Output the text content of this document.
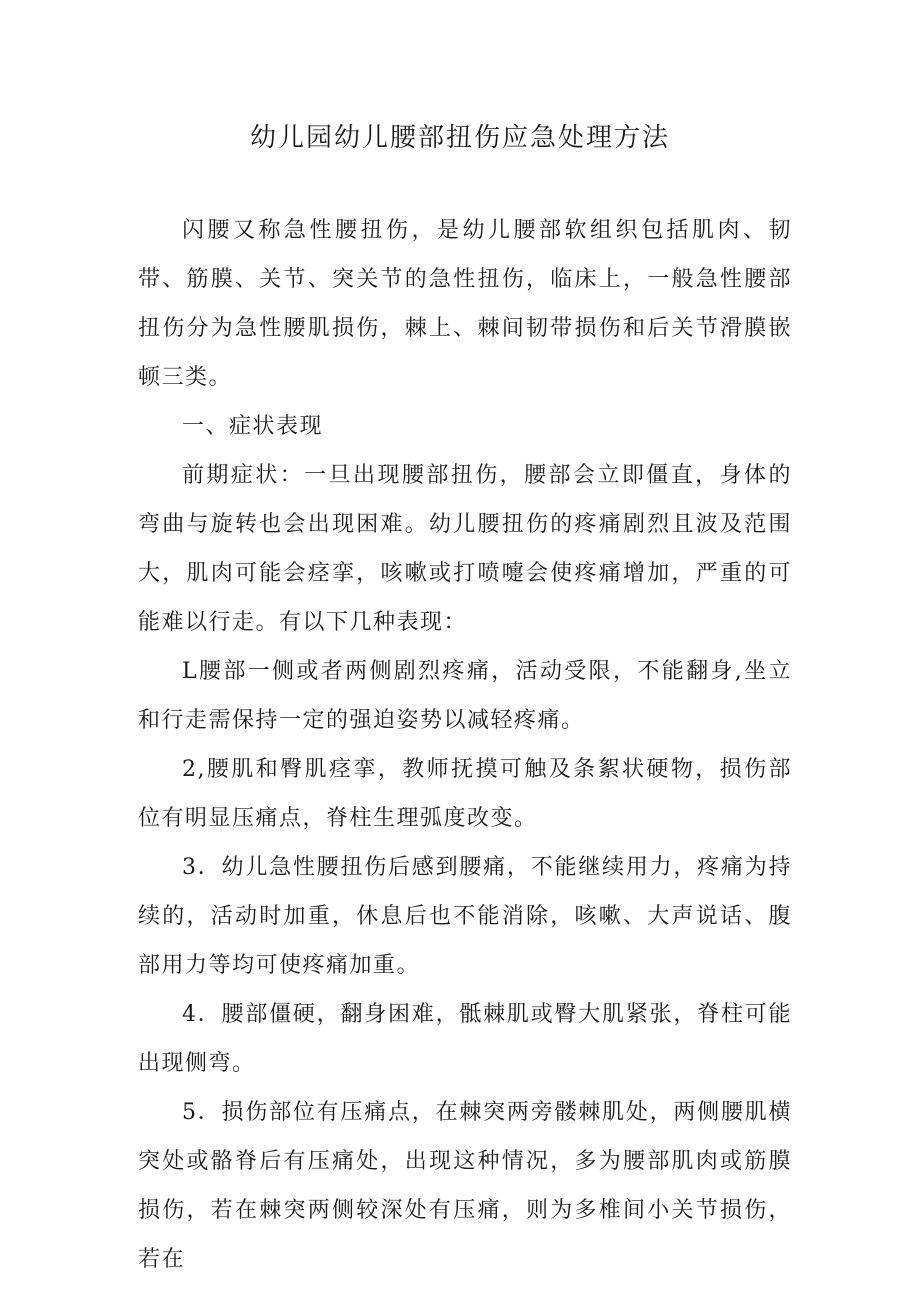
幼儿园幼儿腰部扭伤应急处理方法

闪腰又称急性腰扭伤，是幼儿腰部软组织包括肌肉、韧带、筋膜、关节、突关节的急性扭伤，临床上，一般急性腰部扭伤分为急性腰肌损伤，棘上、棘间韧带损伤和后关节滑膜嵌顿三类。

一、症状表现

前期症状：一旦出现腰部扭伤，腰部会立即僵直，身体的弯曲与旋转也会出现困难。幼儿腰扭伤的疼痛剧烈且波及范围大，肌肉可能会痉挛，咳嗽或打喷嚏会使疼痛增加，严重的可能难以行走。有以下几种表现：

L腰部一侧或者两侧剧烈疼痛，活动受限，不能翻身,坐立和行走需保持一定的强迫姿势以减轻疼痛。

2,腰肌和臀肌痉挛，教师抚摸可触及条絮状硬物，损伤部位有明显压痛点，脊柱生理弧度改变。

3．幼儿急性腰扭伤后感到腰痛，不能继续用力，疼痛为持续的，活动时加重，休息后也不能消除，咳嗽、大声说话、腹部用力等均可使疼痛加重。

4．腰部僵硬，翻身困难，骶棘肌或臀大肌紧张，脊柱可能出现侧弯。

5．损伤部位有压痛点，在棘突两旁髅棘肌处，两侧腰肌横突处或骼脊后有压痛处，出现这种情况，多为腰部肌肉或筋膜损伤，若在棘突两侧较深处有压痛，则为多椎间小关节损伤，若在
